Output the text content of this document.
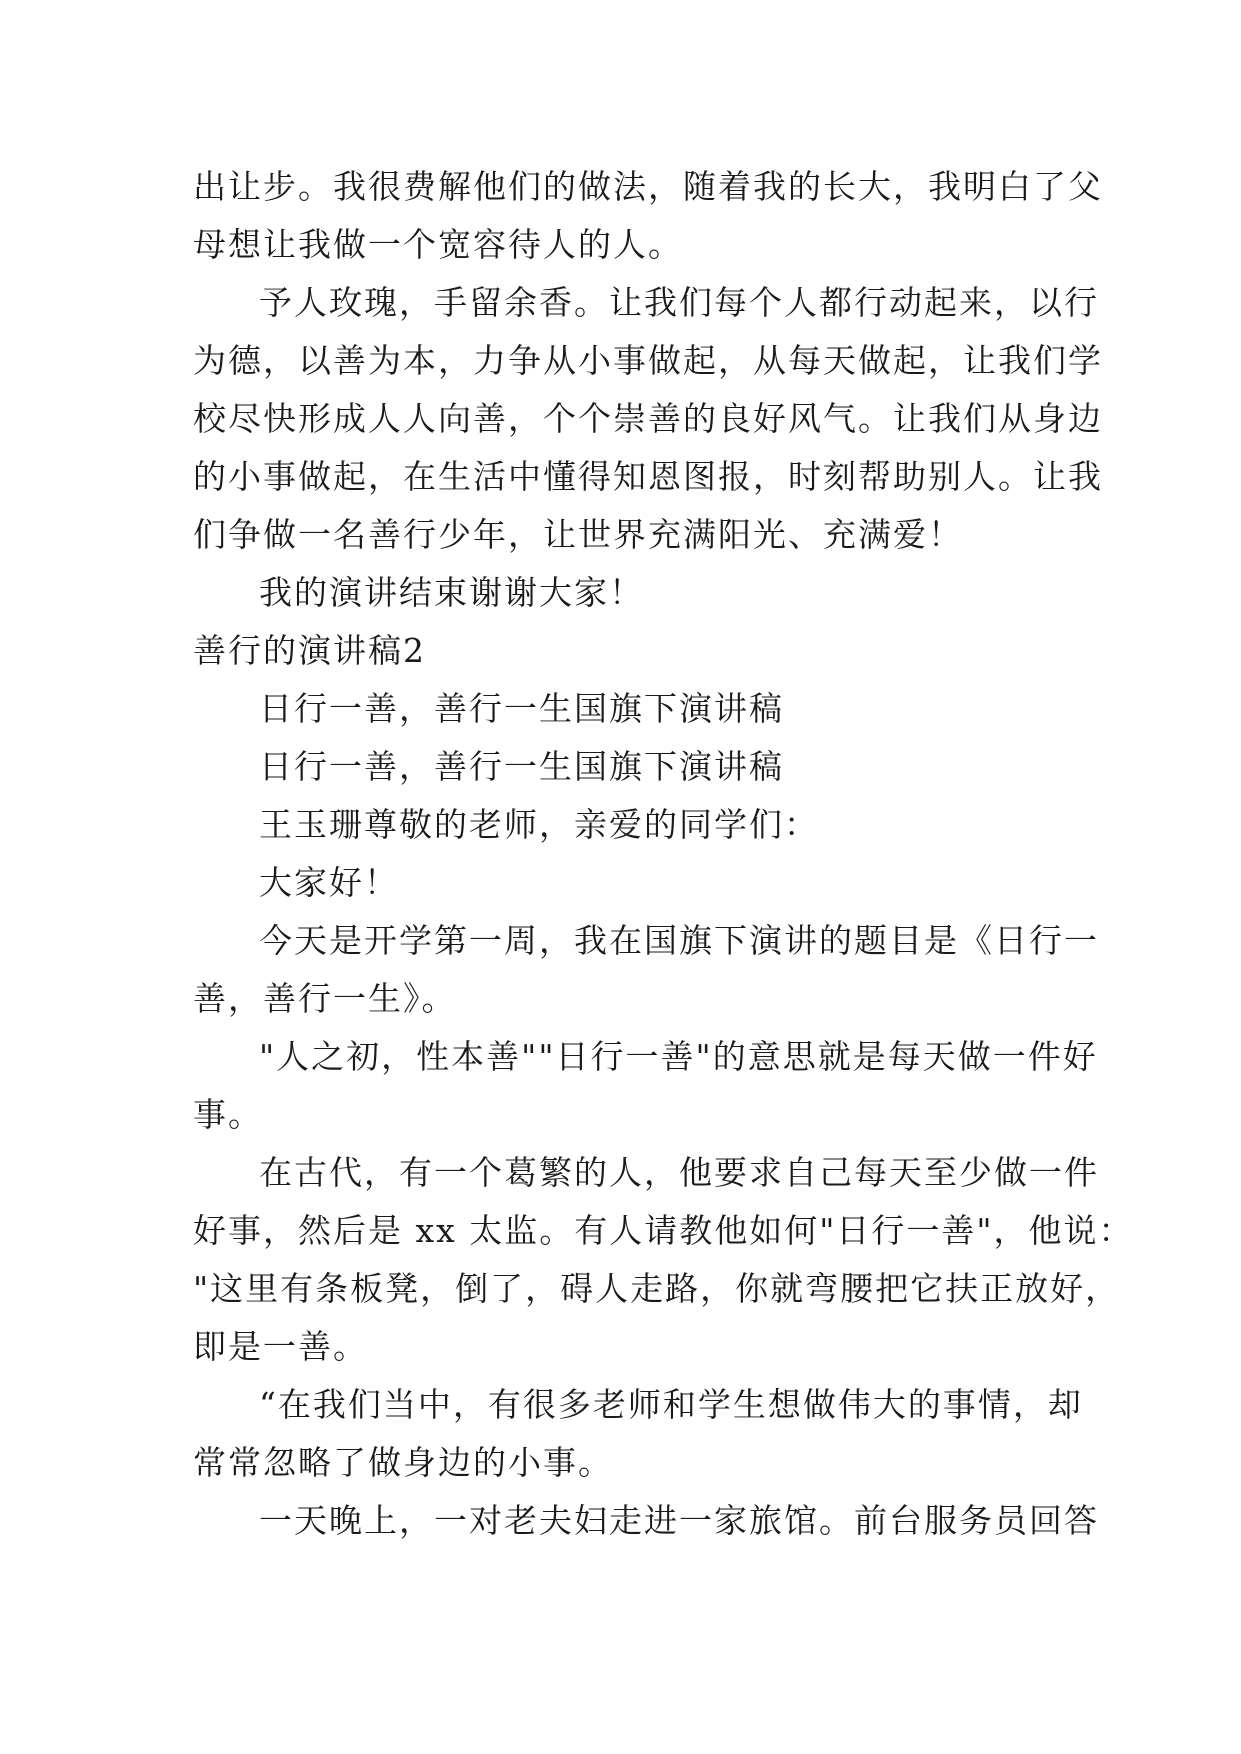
出让步。我很费解他们的做法，随着我的长大，我明白了父
母想让我做一个宽容待人的人。
予人玫瑰，手留余香。让我们每个人都行动起来，以行
为德，以善为本，力争从小事做起，从每天做起，让我们学
校尽快形成人人向善，个个崇善的良好风气。让我们从身边
的小事做起，在生活中懂得知恩图报，时刻帮助别人。让我
们争做一名善行少年，让世界充满阳光、充满爱！
我的演讲结束谢谢大家！
善行的演讲稿2
日行一善，善行一生国旗下演讲稿
日行一善，善行一生国旗下演讲稿
王玉珊尊敬的老师，亲爱的同学们：
大家好！
今天是开学第一周，我在国旗下演讲的题目是《日行一
善，善行一生》。
"人之初，性本善""日行一善"的意思就是每天做一件好
事。
在古代，有一个葛繁的人，他要求自己每天至少做一件
好事，然后是 xx 太监。有人请教他如何"日行一善"，他说：
"这里有条板凳，倒了，碍人走路，你就弯腰把它扶正放好，
即是一善。
“在我们当中，有很多老师和学生想做伟大的事情，却
常常忽略了做身边的小事。
一天晚上，一对老夫妇走进一家旅馆。前台服务员回答
